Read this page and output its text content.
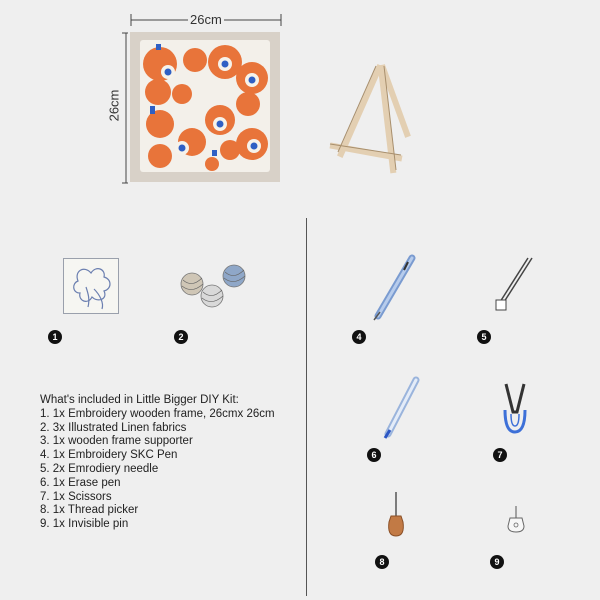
26cm
26cm
1	2	4	5
6	7
8	9
What's included in Little Bigger DIY Kit:
1. 1x Embroidery wooden frame, 26cmx 26cm
2. 3x Illustrated Linen fabrics
3. 1x wooden frame supporter
4. 1x Embroidery SKC Pen
5. 2x Emrodiery needle
6. 1x Erase pen
7. 1x Scissors
8. 1x Thread picker
9. 1x Invisible pin
